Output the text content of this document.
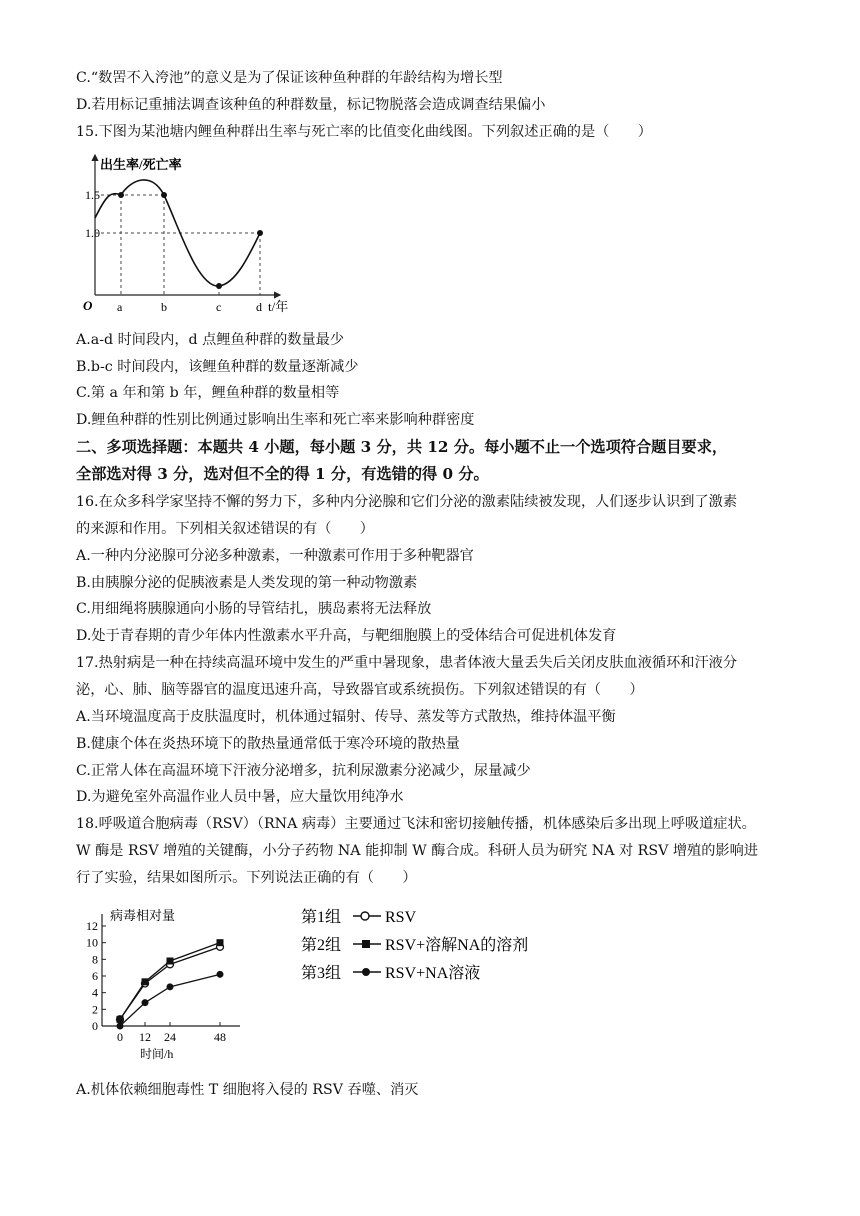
C.“数罟不入洿池”的意义是为了保证该种鱼种群的年龄结构为增长型
D.若用标记重捕法调查该种鱼的种群数量，标记物脱落会造成调查结果偏小
15.下图为某池塘内鲤鱼种群出生率与死亡率的比值变化曲线图。下列叙述正确的是（　　）
出生率/死亡率
1.5
1.0
O a	b	c	d t/年
A.a-d 时间段内，d 点鲤鱼种群的数量最少
B.b-c 时间段内，该鲤鱼种群的数量逐渐减少
C.第 a 年和第 b 年，鲤鱼种群的数量相等
D.鲤鱼种群的性别比例通过影响出生率和死亡率来影响种群密度
二、多项选择题：本题共 4 小题，每小题 3 分，共 12 分。每小题不止一个选项符合题目要求，
全部选对得 3 分，选对但不全的得 1 分，有选错的得 0 分。
16.在众多科学家坚持不懈的努力下，多种内分泌腺和它们分泌的激素陆续被发现，人们逐步认识到了激素
的来源和作用。下列相关叙述错误的有（　　）
A.一种内分泌腺可分泌多种激素，一种激素可作用于多种靶器官
B.由胰腺分泌的促胰液素是人类发现的第一种动物激素
C.用细绳将胰腺通向小肠的导管结扎，胰岛素将无法释放
D.处于青春期的青少年体内性激素水平升高，与靶细胞膜上的受体结合可促进机体发育
17.热射病是一种在持续高温环境中发生的严重中暑现象，患者体液大量丢失后关闭皮肤血液循环和汗液分
泌，心、肺、脑等器官的温度迅速升高，导致器官或系统损伤。下列叙述错误的有（　　）
A.当环境温度高于皮肤温度时，机体通过辐射、传导、蒸发等方式散热，维持体温平衡
B.健康个体在炎热环境下的散热量通常低于寒冷环境的散热量
C.正常人体在高温环境下汗液分泌增多，抗利尿激素分泌减少，尿量减少
D.为避免室外高温作业人员中暑，应大量饮用纯净水
18.呼吸道合胞病毒（RSV）（RNA 病毒）主要通过飞沫和密切接触传播，机体感染后多出现上呼吸道症状。
W 酶是 RSV 增殖的关键酶，小分子药物 NA 能抑制 W 酶合成。科研人员为研究 NA 对 RSV 增殖的影响进
行了实验，结果如图所示。下列说法正确的有（　　）
病毒相对量
时间/h
0
2
4
6
8
10
12
0 12 24	48
第1组	RSV
第2组	RSV+溶解NA的溶剂
第3组	RSV+NA溶液
A.机体依赖细胞毒性 T 细胞将入侵的 RSV 吞噬、消灭
